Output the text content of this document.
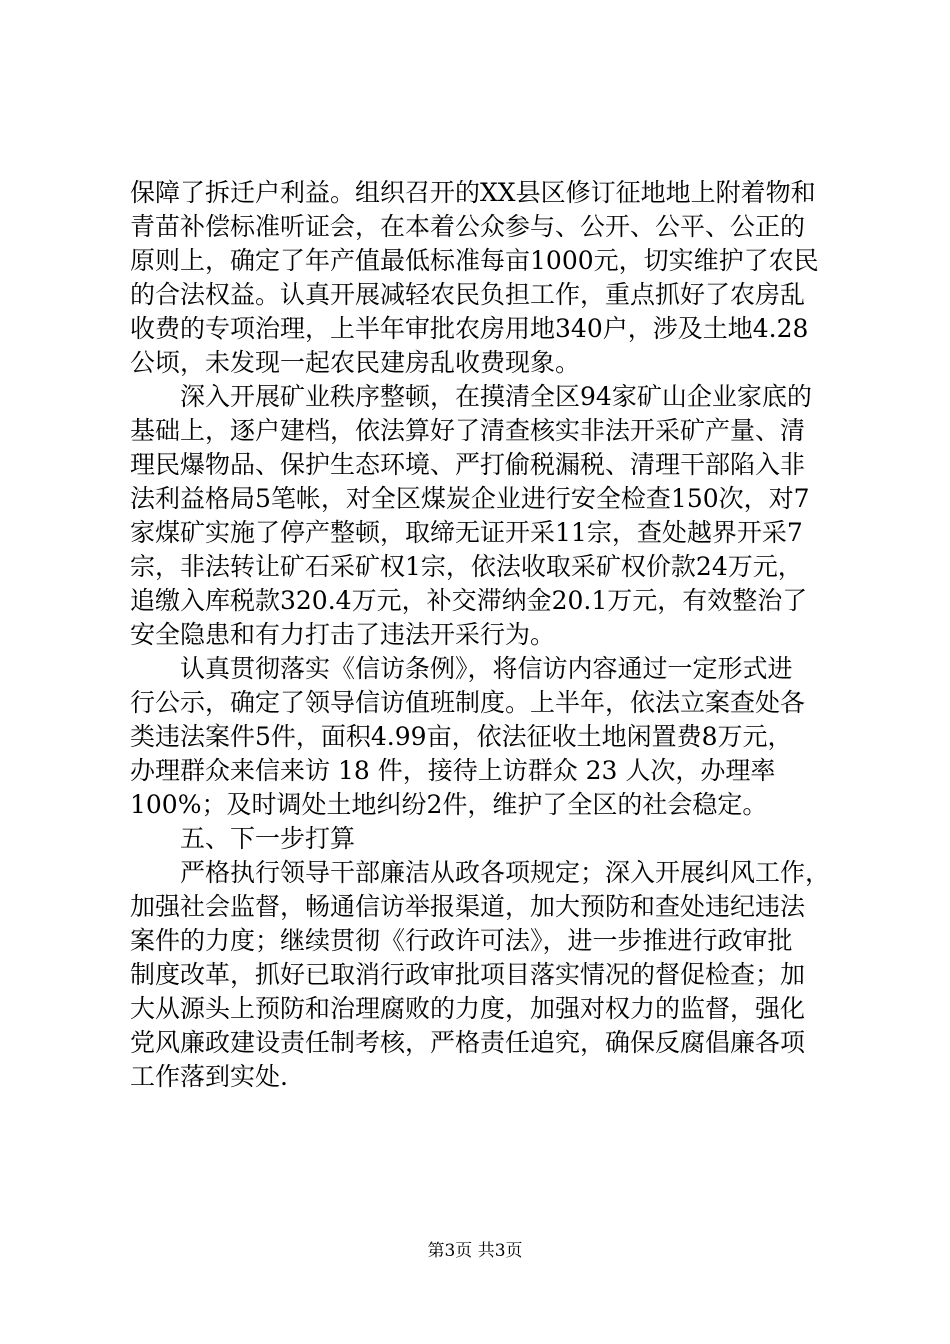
保障了拆迁户利益。组织召开的XX县区修订征地地上附着物和
青苗补偿标准听证会，在本着公众参与、公开、公平、公正的
原则上，确定了年产值最低标准每亩1000元，切实维护了农民
的合法权益。认真开展减轻农民负担工作，重点抓好了农房乱
收费的专项治理，上半年审批农房用地340户，涉及土地4.28
公顷，未发现一起农民建房乱收费现象。
深入开展矿业秩序整顿，在摸清全区94家矿山企业家底的
基础上，逐户建档，依法算好了清查核实非法开采矿产量、清
理民爆物品、保护生态环境、严打偷税漏税、清理干部陷入非
法利益格局5笔帐，对全区煤炭企业进行安全检查150次，对7
家煤矿实施了停产整顿，取缔无证开采11宗，查处越界开采7
宗，非法转让矿石采矿权1宗，依法收取采矿权价款24万元，
追缴入库税款320.4万元，补交滞纳金20.1万元，有效整治了
安全隐患和有力打击了违法开采行为。
认真贯彻落实《信访条例》，将信访内容通过一定形式进
行公示，确定了领导信访值班制度。上半年，依法立案查处各
类违法案件5件，面积4.99亩，依法征收土地闲置费8万元，
办理群众来信来访 18 件，接待上访群众 23 人次，办理率
100%；及时调处土地纠纷2件，维护了全区的社会稳定。
五、下一步打算
严格执行领导干部廉洁从政各项规定；深入开展纠风工作，
加强社会监督，畅通信访举报渠道，加大预防和查处违纪违法
案件的力度；继续贯彻《行政许可法》，进一步推进行政审批
制度改革，抓好已取消行政审批项目落实情况的督促检查；加
大从源头上预防和治理腐败的力度，加强对权力的监督，强化
党风廉政建设责任制考核，严格责任追究，确保反腐倡廉各项
工作落到实处.
第3页 共3页
